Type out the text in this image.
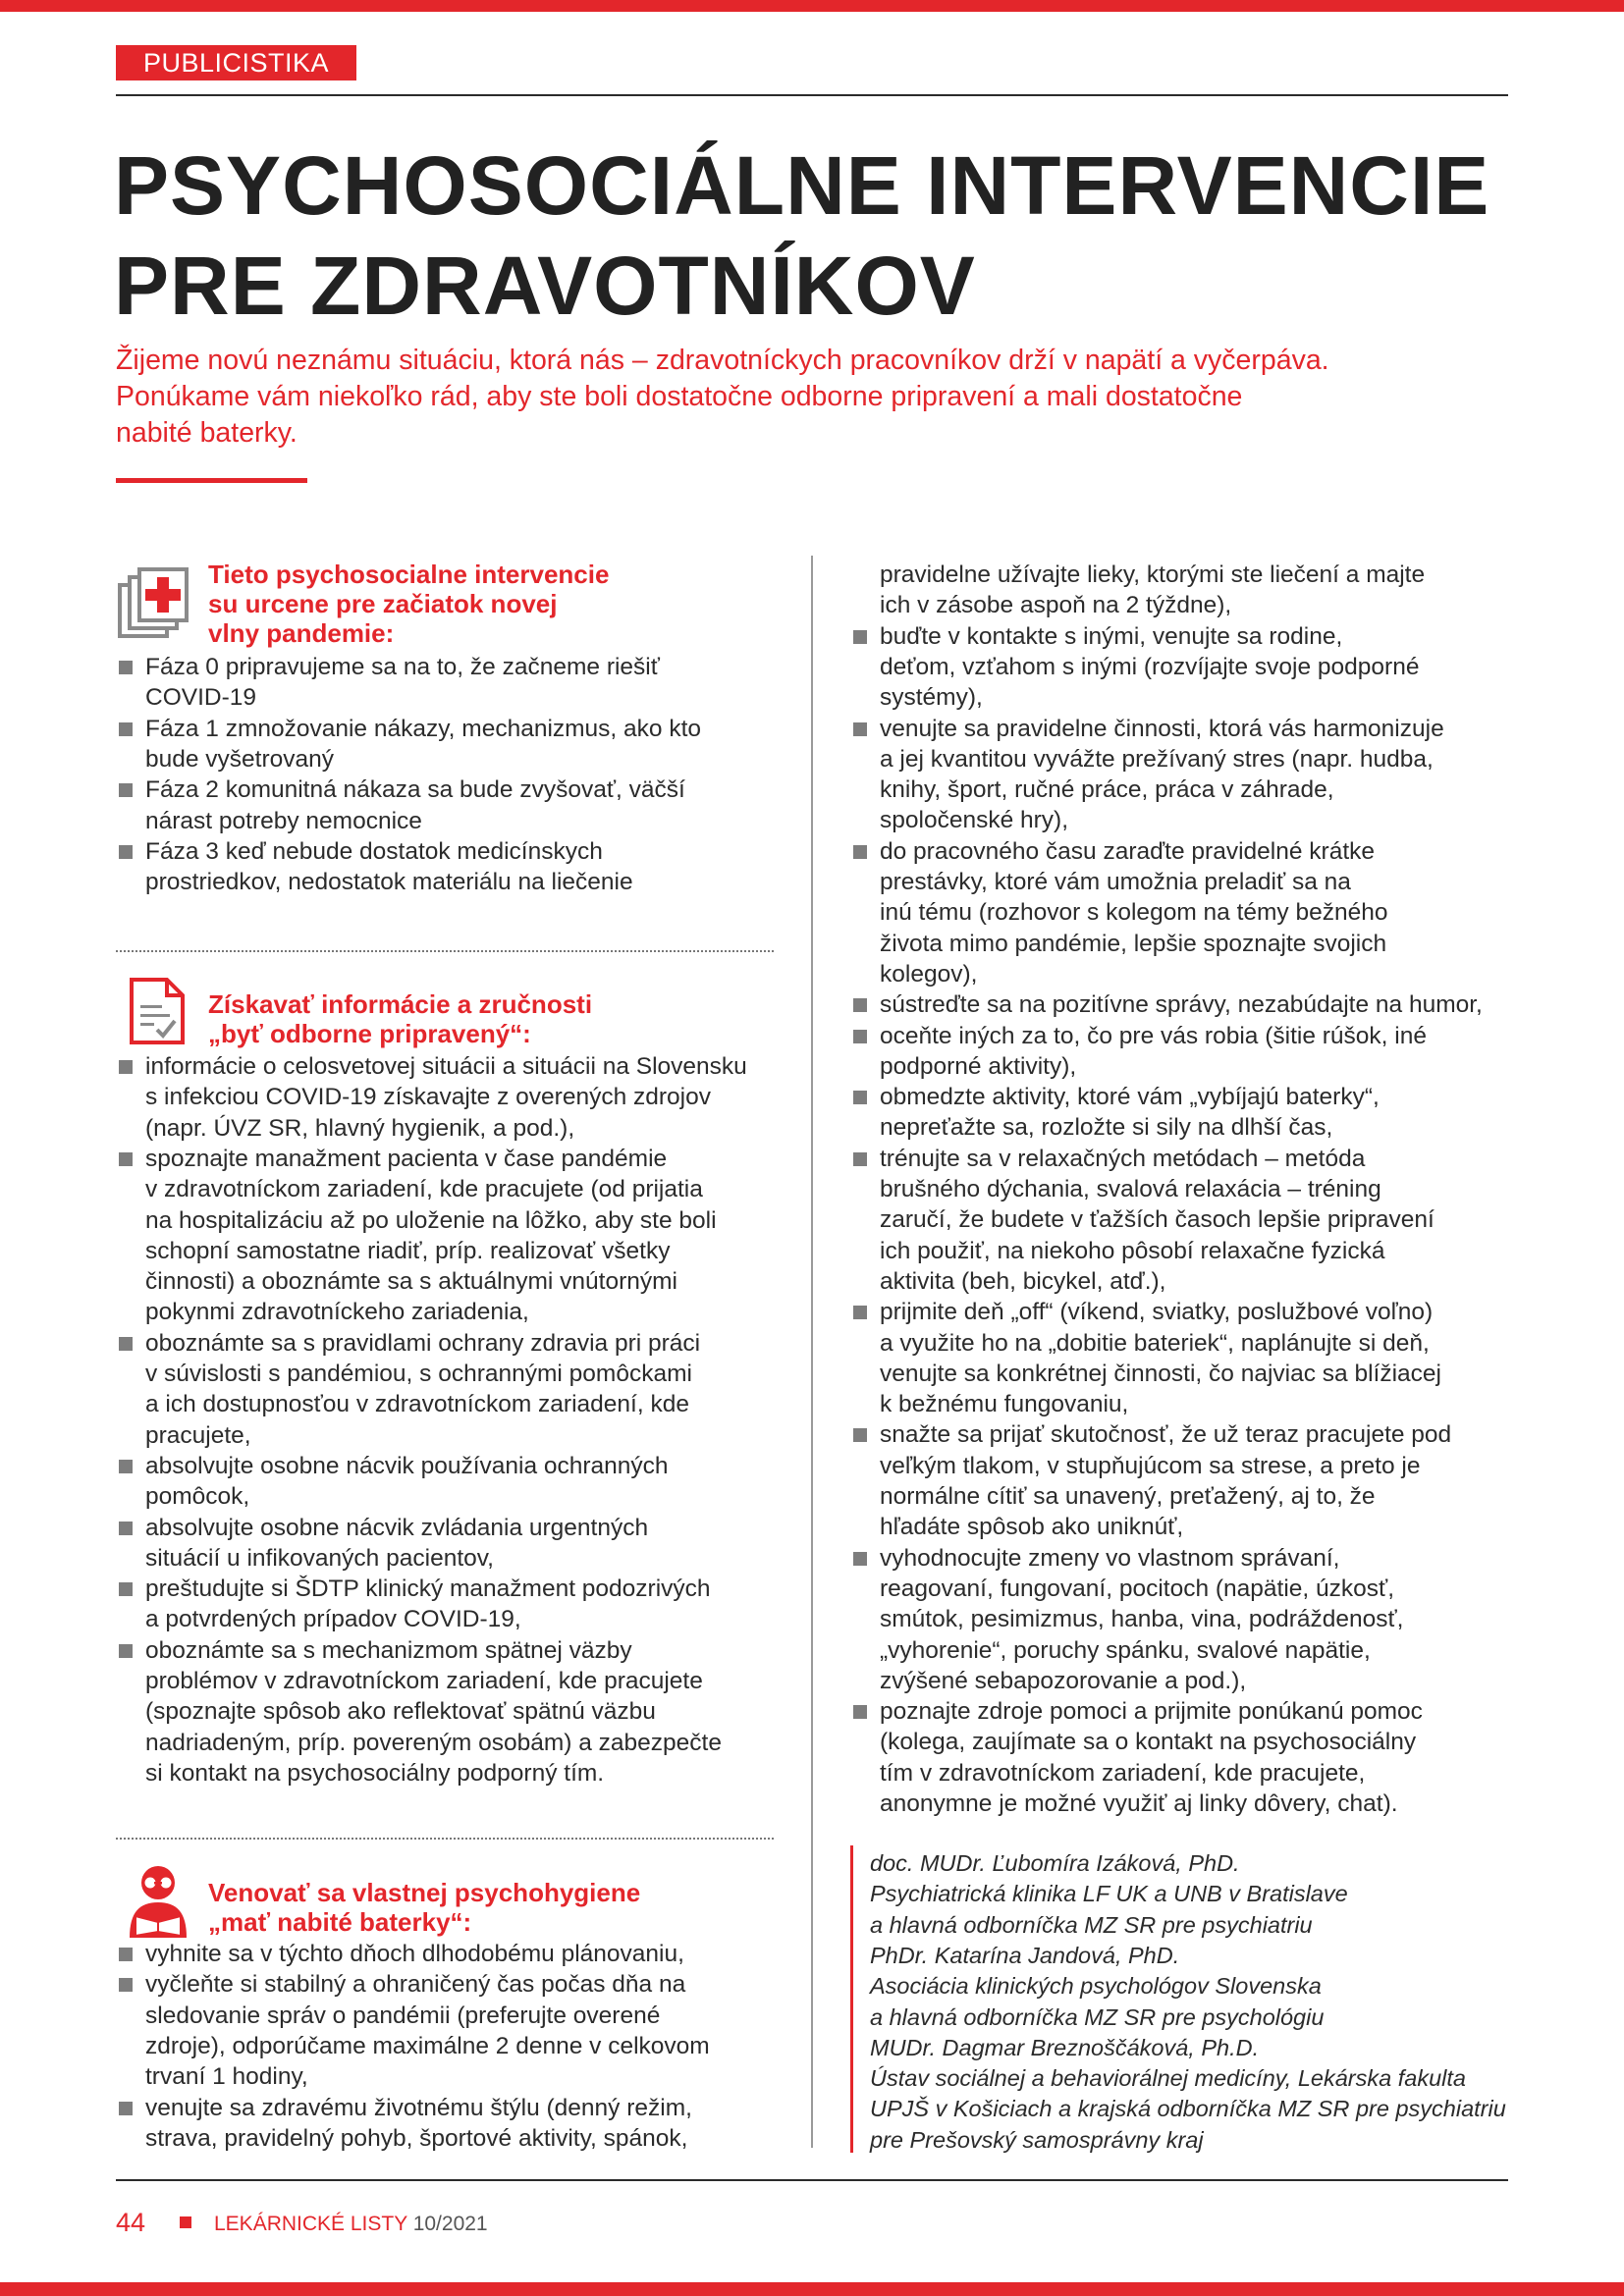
PUBLICISTIKA
PSYCHOSOCIÁLNE INTERVENCIE
PRE ZDRAVOTNÍKOV

Žijeme novú neznámu situáciu, ktorá nás – zdravotníckych pracovníkov drží v napätí a vyčerpáva.
Ponúkame vám niekoľko rád, aby ste boli dostatočne odborne pripravení a mali dostatočne
nabité baterky.

Tieto psychosocialne intervencie
su urcene pre začiatok novej
vlny pandemie:
Fáza 0 pripravujeme sa na to, že začneme riešiť
COVID-19
Fáza 1 zmnožovanie nákazy, mechanizmus, ako kto
bude vyšetrovaný
Fáza 2 komunitná nákaza sa bude zvyšovať, väčší
nárast potreby nemocnice
Fáza 3 keď nebude dostatok medicínskych
prostriedkov, nedostatok materiálu na liečenie
Získavať informácie a zručnosti
„byť odborne pripravený“:
informácie o celosvetovej situácii a situácii na Slovensku
s infekciou COVID-19 získavajte z overených zdrojov
(napr. ÚVZ SR, hlavný hygienik, a pod.),
spoznajte manažment pacienta v čase pandémie
v zdravotníckom zariadení, kde pracujete (od prijatia
na hospitalizáciu až po uloženie na lôžko, aby ste boli
schopní samostatne riadiť, príp. realizovať všetky
činnosti) a oboznámte sa s aktuálnymi vnútornými
pokynmi zdravotníckeho zariadenia,
oboznámte sa s pravidlami ochrany zdravia pri práci
v súvislosti s pandémiou, s ochrannými pomôckami
a ich dostupnosťou v zdravotníckom zariadení, kde
pracujete,
absolvujte osobne nácvik používania ochranných
pomôcok,
absolvujte osobne nácvik zvládania urgentných
situácií u infikovaných pacientov,
preštudujte si ŠDTP klinický manažment podozrivých
a potvrdených prípadov COVID-19,
oboznámte sa s mechanizmom spätnej väzby
problémov v zdravotníckom zariadení, kde pracujete
(spoznajte spôsob ako reflektovať spätnú väzbu
nadriadeným, príp. povereným osobám) a zabezpečte
si kontakt na psychosociálny podporný tím.
Venovať sa vlastnej psychohygiene
„mať nabité baterky“:
vyhnite sa v týchto dňoch dlhodobému plánovaniu,
vyčleňte si stabilný a ohraničený čas počas dňa na
sledovanie správ o pandémii (preferujte overené
zdroje), odporúčame maximálne 2 denne v celkovom
trvaní 1 hodiny,
venujte sa zdravému životnému štýlu (denný režim,
strava, pravidelný pohyb, športové aktivity, spánok,
pravidelne užívajte lieky, ktorými ste liečení a majte
ich v zásobe aspoň na 2 týždne),
buďte v kontakte s inými, venujte sa rodine,
deťom, vzťahom s inými (rozvíjajte svoje podporné
systémy),
venujte sa pravidelne činnosti, ktorá vás harmonizuje
a jej kvantitou vyvážte prežívaný stres (napr. hudba,
knihy, šport, ručné práce, práca v záhrade,
spoločenské hry),
do pracovného času zaraďte pravidelné krátke
prestávky, ktoré vám umožnia preladiť sa na
inú tému (rozhovor s kolegom na témy bežného
života mimo pandémie, lepšie spoznajte svojich
kolegov),
sústreďte sa na pozitívne správy, nezabúdajte na humor,
oceňte iných za to, čo pre vás robia (šitie rúšok, iné
podporné aktivity),
obmedzte aktivity, ktoré vám „vybíjajú baterky“,
nepreťažte sa, rozložte si sily na dlhší čas,
trénujte sa v relaxačných metódach – metóda
brušného dýchania, svalová relaxácia – tréning
zaručí, že budete v ťažších časoch lepšie pripravení
ich použiť, na niekoho pôsobí relaxačne fyzická
aktivita (beh, bicykel, atď.),
prijmite deň „off“ (víkend, sviatky, poslužbové voľno)
a využite ho na „dobitie bateriek“, naplánujte si deň,
venujte sa konkrétnej činnosti, čo najviac sa blížiacej
k bežnému fungovaniu,
snažte sa prijať skutočnosť, že už teraz pracujete pod
veľkým tlakom, v stupňujúcom sa strese, a preto je
normálne cítiť sa unavený, preťažený, aj to, že
hľadáte spôsob ako uniknúť,
vyhodnocujte zmeny vo vlastnom správaní,
reagovaní, fungovaní, pocitoch (napätie, úzkosť,
smútok, pesimizmus, hanba, vina, podráždenosť,
„vyhorenie“, poruchy spánku, svalové napätie,
zvýšené sebapozorovanie a pod.),
poznajte zdroje pomoci a prijmite ponúkanú pomoc
(kolega, zaujímate sa o kontakt na psychosociálny
tím v zdravotníckom zariadení, kde pracujete,
anonymne je možné využiť aj linky dôvery, chat).
doc. MUDr. Ľubomíra Izáková, PhD.
Psychiatrická klinika LF UK a UNB v Bratislave
a hlavná odborníčka MZ SR pre psychiatriu
PhDr. Katarína Jandová, PhD.
Asociácia klinických psychológov Slovenska
a hlavná odborníčka MZ SR pre psychológiu
MUDr. Dagmar Breznoščáková, Ph.D.
Ústav sociálnej a behaviorálnej medicíny, Lekárska fakulta
UPJŠ v Košiciach a krajská odborníčka MZ SR pre psychiatriu
pre Prešovský samosprávny kraj
44	LEKÁRNICKÉ LISTY 10/2021
